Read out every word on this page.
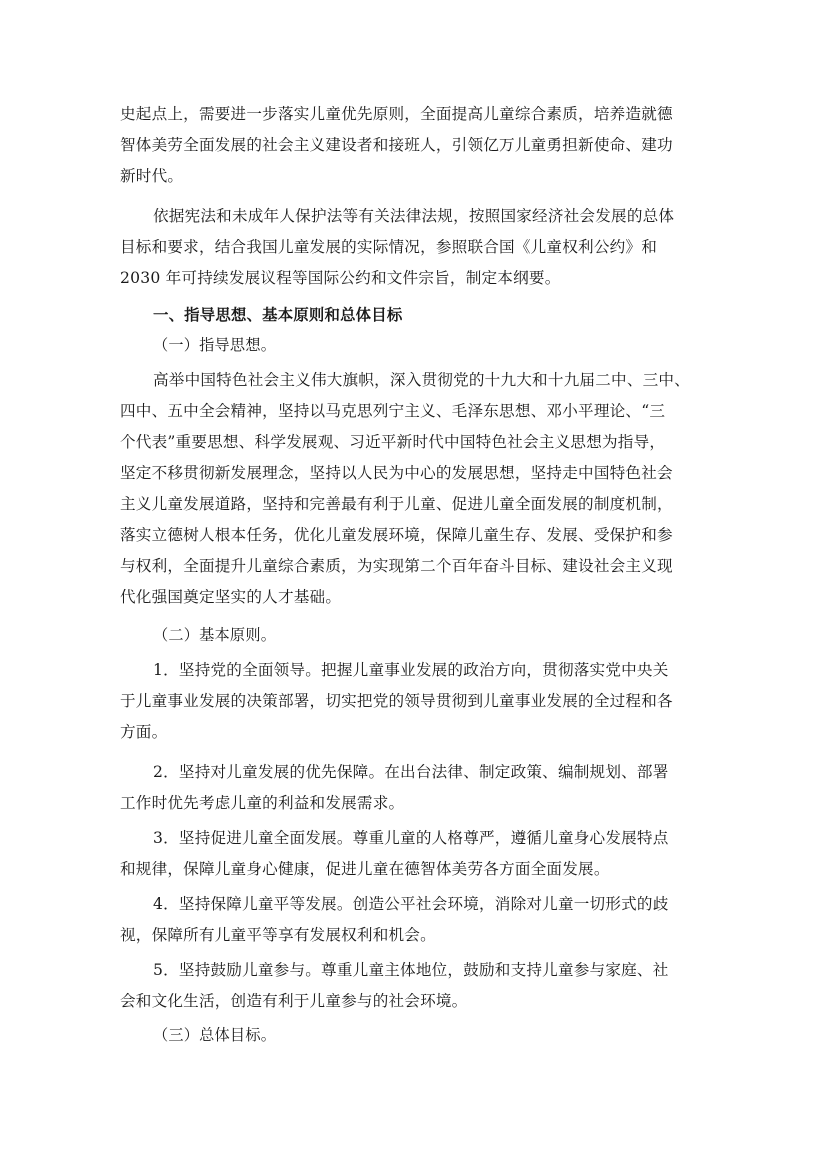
史起点上，需要进一步落实儿童优先原则，全面提高儿童综合素质，培养造就德
智体美劳全面发展的社会主义建设者和接班人，引领亿万儿童勇担新使命、建功
新时代。
依据宪法和未成年人保护法等有关法律法规，按照国家经济社会发展的总体
目标和要求，结合我国儿童发展的实际情况，参照联合国《儿童权利公约》和
2030 年可持续发展议程等国际公约和文件宗旨，制定本纲要。
一、指导思想、基本原则和总体目标
（一）指导思想。
高举中国特色社会主义伟大旗帜，深入贯彻党的十九大和十九届二中、三中、
四中、五中全会精神，坚持以马克思列宁主义、毛泽东思想、邓小平理论、“三
个代表”重要思想、科学发展观、习近平新时代中国特色社会主义思想为指导，
坚定不移贯彻新发展理念，坚持以人民为中心的发展思想，坚持走中国特色社会
主义儿童发展道路，坚持和完善最有利于儿童、促进儿童全面发展的制度机制，
落实立德树人根本任务，优化儿童发展环境，保障儿童生存、发展、受保护和参
与权利，全面提升儿童综合素质，为实现第二个百年奋斗目标、建设社会主义现
代化强国奠定坚实的人才基础。
（二）基本原则。
1．坚持党的全面领导。把握儿童事业发展的政治方向，贯彻落实党中央关
于儿童事业发展的决策部署，切实把党的领导贯彻到儿童事业发展的全过程和各
方面。
2．坚持对儿童发展的优先保障。在出台法律、制定政策、编制规划、部署
工作时优先考虑儿童的利益和发展需求。
3．坚持促进儿童全面发展。尊重儿童的人格尊严，遵循儿童身心发展特点
和规律，保障儿童身心健康，促进儿童在德智体美劳各方面全面发展。
4．坚持保障儿童平等发展。创造公平社会环境，消除对儿童一切形式的歧
视，保障所有儿童平等享有发展权利和机会。
5．坚持鼓励儿童参与。尊重儿童主体地位，鼓励和支持儿童参与家庭、社
会和文化生活，创造有利于儿童参与的社会环境。
（三）总体目标。
